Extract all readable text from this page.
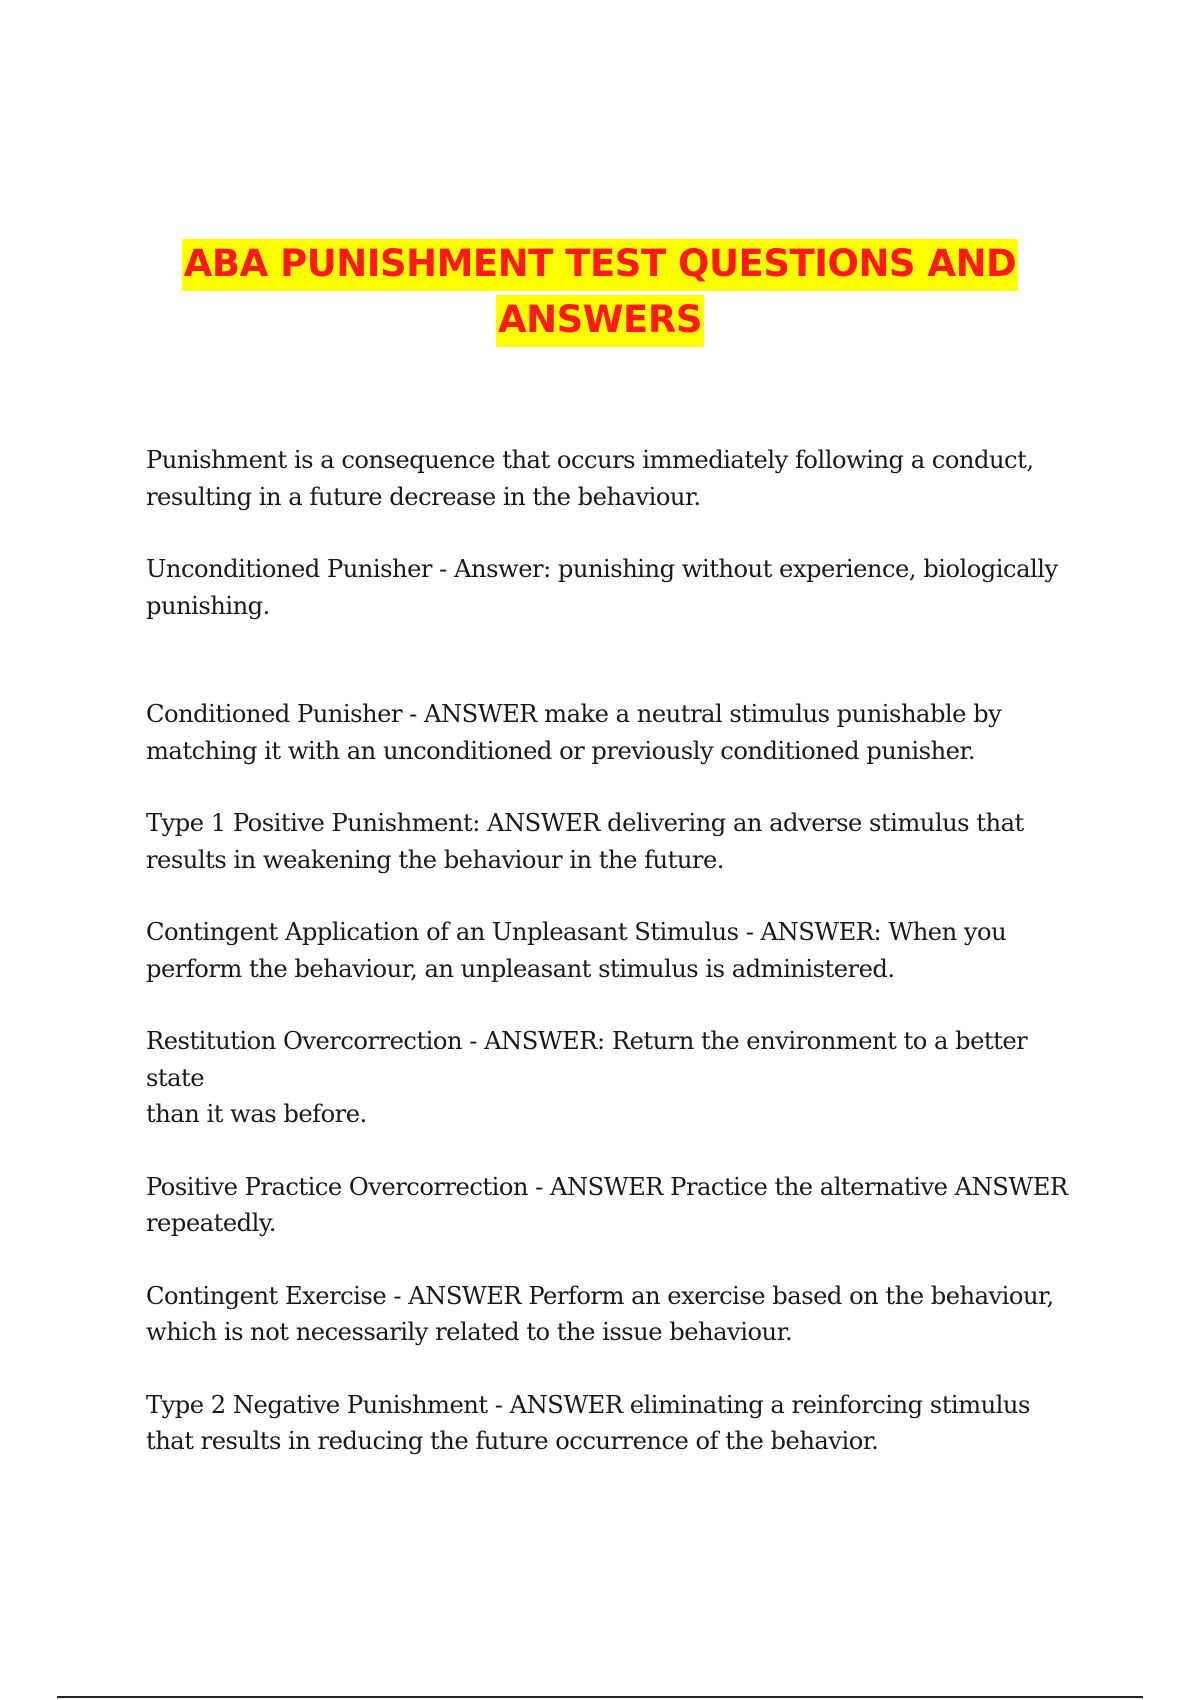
ABA PUNISHMENT TEST QUESTIONS AND
ANSWERS
Punishment is a consequence that occurs immediately following a conduct,
resulting in a future decrease in the behaviour.
Unconditioned Punisher - Answer: punishing without experience, biologically
punishing.
Conditioned Punisher - ANSWER make a neutral stimulus punishable by
matching it with an unconditioned or previously conditioned punisher.
Type 1 Positive Punishment: ANSWER delivering an adverse stimulus that
results in weakening the behaviour in the future.
Contingent Application of an Unpleasant Stimulus - ANSWER: When you
perform the behaviour, an unpleasant stimulus is administered.
Restitution Overcorrection - ANSWER: Return the environment to a better state
than it was before.
Positive Practice Overcorrection - ANSWER Practice the alternative ANSWER
repeatedly.
Contingent Exercise - ANSWER Perform an exercise based on the behaviour,
which is not necessarily related to the issue behaviour.
Type 2 Negative Punishment - ANSWER eliminating a reinforcing stimulus
that results in reducing the future occurrence of the behavior.
